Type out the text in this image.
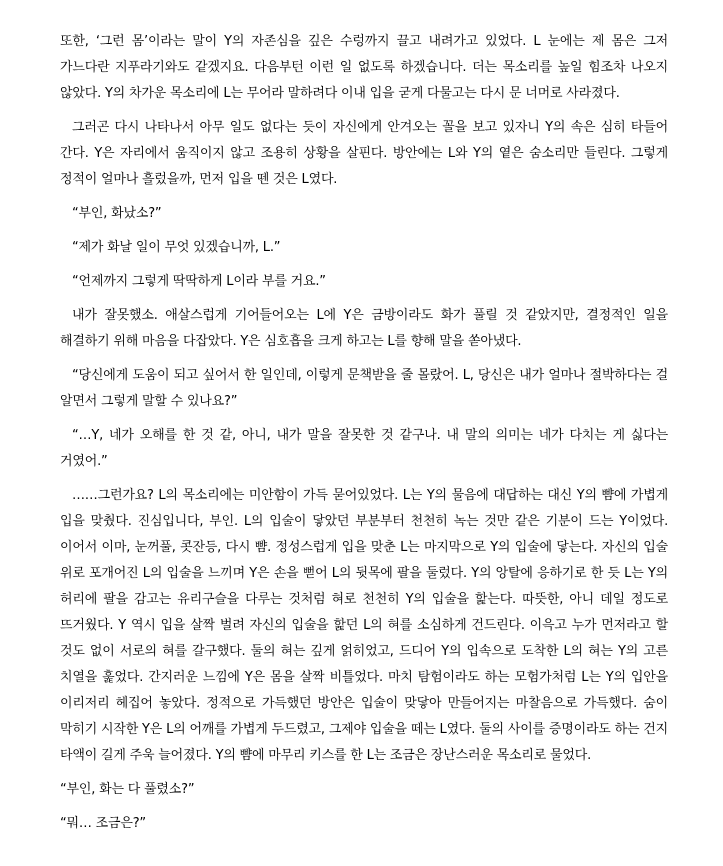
또한, ‘그런 몸’이라는 말이 Y의 자존심을 깊은 수렁까지 끌고 내려가고 있었다. L 눈에는 제 몸은 그저 가느다란 지푸라기와도 같겠지요. 다음부턴 이런 일 없도록 하겠습니다. 더는 목소리를 높일 힘조차 나오지 않았다. Y의 차가운 목소리에 L는 무어라 말하려다 이내 입을 굳게 다물고는 다시 문 너머로 사라졌다.

그러곤 다시 나타나서 아무 일도 없다는 듯이 자신에게 안겨오는 꼴을 보고 있자니 Y의 속은 심히 타들어 간다. Y은 자리에서 움직이지 않고 조용히 상황을 살핀다. 방안에는 L와 Y의 옅은 숨소리만 들린다. 그렇게 정적이 얼마나 흘렀을까, 먼저 입을 뗀 것은 L였다.

“부인, 화났소?”

“제가 화날 일이 무엇 있겠습니까, L.”

“언제까지 그렇게 딱딱하게 L이라 부를 거요.”

내가 잘못했소. 애살스럽게 기어들어오는 L에 Y은 금방이라도 화가 풀릴 것 같았지만, 결정적인 일을 해결하기 위해 마음을 다잡았다. Y은 심호흡을 크게 하고는 L를 향해 말을 쏟아냈다.

“당신에게 도움이 되고 싶어서 한 일인데, 이렇게 문책받을 줄 몰랐어. L, 당신은 내가 얼마나 절박하다는 걸 알면서 그렇게 말할 수 있나요?”

“…Y, 네가 오해를 한 것 같, 아니, 내가 말을 잘못한 것 같구나. 내 말의 의미는 네가 다치는 게 싫다는 거였어.”

……그런가요? L의 목소리에는 미안함이 가득 묻어있었다. L는 Y의 물음에 대답하는 대신 Y의 뺨에 가볍게 입을 맞췄다. 진심입니다, 부인. L의 입술이 닿았던 부분부터 천천히 녹는 것만 같은 기분이 드는 Y이었다. 이어서 이마, 눈꺼풀, 콧잔등, 다시 뺨. 정성스럽게 입을 맞춘 L는 마지막으로 Y의 입술에 닿는다. 자신의 입술 위로 포개어진 L의 입술을 느끼며 Y은 손을 뻗어 L의 뒷목에 팔을 둘렀다. Y의 앙탈에 응하기로 한 듯 L는 Y의 허리에 팔을 감고는 유리구슬을 다루는 것처럼 혀로 천천히 Y의 입술을 핥는다. 따뜻한, 아니 데일 정도로 뜨거웠다. Y 역시 입을 살짝 벌려 자신의 입술을 핥던 L의 혀를 소심하게 건드린다. 이윽고 누가 먼저라고 할 것도 없이 서로의 혀를 갈구했다. 둘의 혀는 깊게 얽히었고, 드디어 Y의 입속으로 도착한 L의 혀는 Y의 고른 치열을 훑었다. 간지러운 느낌에 Y은 몸을 살짝 비틀었다. 마치 탐험이라도 하는 모험가처럼 L는 Y의 입안을 이리저리 헤집어 놓았다. 정적으로 가득했던 방안은 입술이 맞닿아 만들어지는 마찰음으로 가득했다. 숨이 막히기 시작한 Y은 L의 어깨를 가볍게 두드렸고, 그제야 입술을 떼는 L였다. 둘의 사이를 증명이라도 하는 건지 타액이 길게 주욱 늘어졌다. Y의 뺨에 마무리 키스를 한 L는 조금은 장난스러운 목소리로 물었다.

“부인, 화는 다 풀렸소?”

“뭐… 조금은?”
